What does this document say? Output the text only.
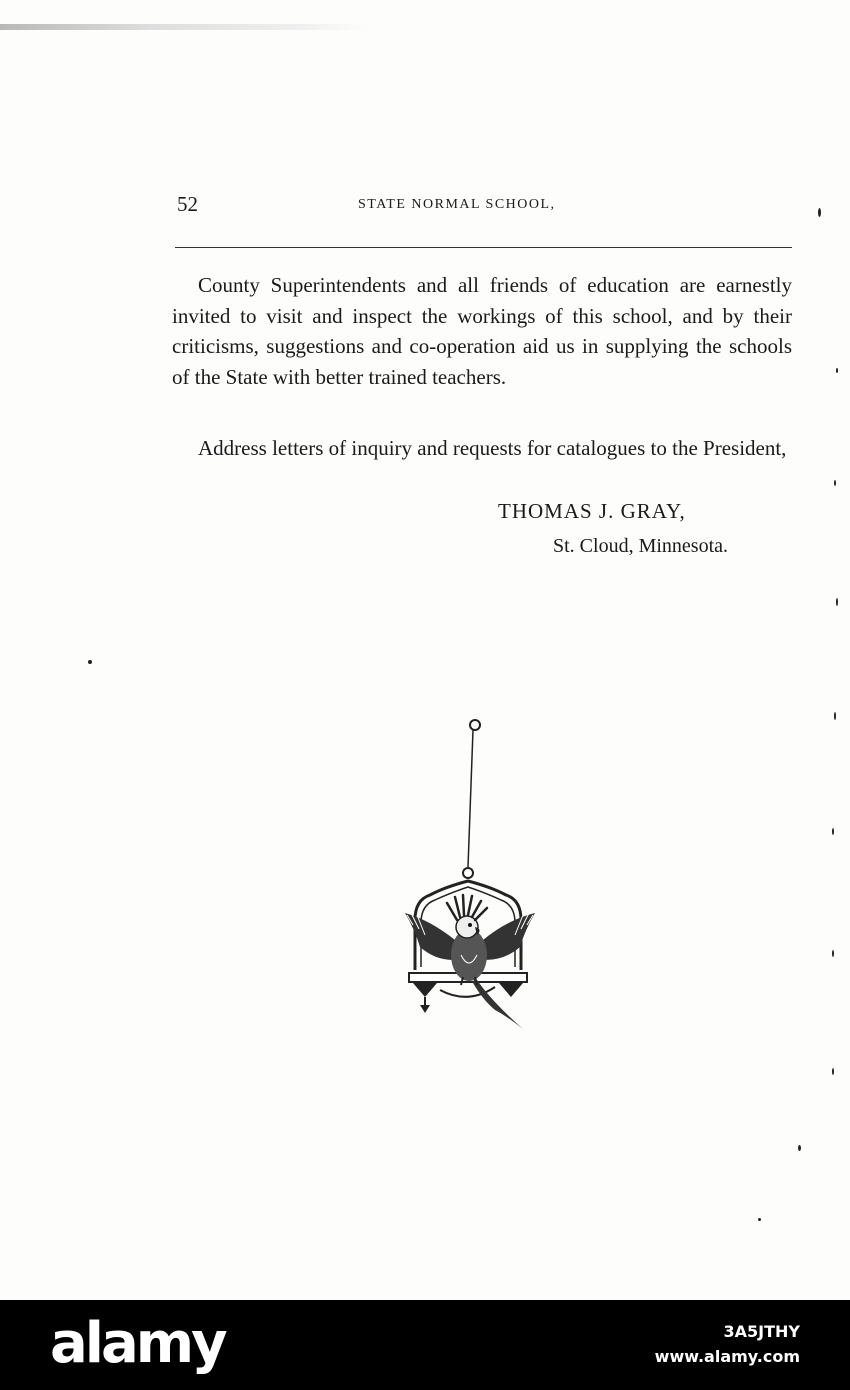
52	STATE NORMAL SCHOOL,

County Superintendents and all friends of education are earnestly invited to visit and inspect the workings of this school, and by their criticisms, suggestions and co-operation aid us in supplying the schools of the State with better trained teachers.

Address letters of inquiry and requests for catalogues to the President,

THOMAS J. GRAY,
St. Cloud, Minnesota.
alamy	3A5JTHY
www.alamy.com
